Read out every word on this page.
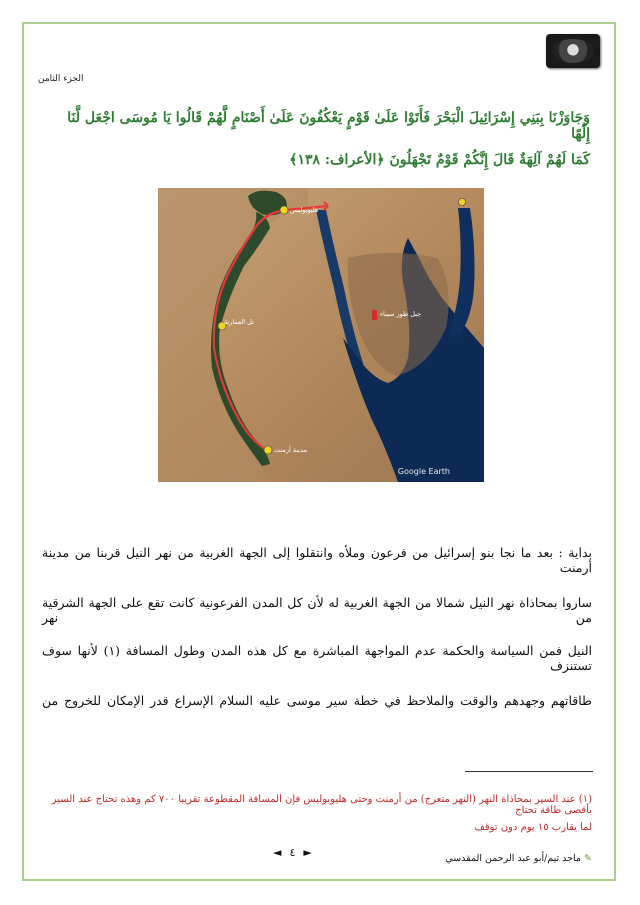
الجزء الثامن
وَجَاوَزْنَا بِبَنِي إِسْرَائِيلَ الْبَحْرَ فَأَتَوْا عَلَىٰ قَوْمٍ يَعْكُفُونَ عَلَىٰ أَصْنَامٍ لَّهُمْ قَالُوا يَا مُوسَى اجْعَل لَّنَا إِلَٰهًا
كَمَا لَهُمْ آلِهَةٌ قَالَ إِنَّكُمْ قَوْمٌ تَجْهَلُونَ ﴿الأعراف: ١٣٨﴾
هليوبوليس
تل العمارنة
مدينة أرمنت
جبل طور سيناء
Google Earth
بداية : بعد ما نجا بنو إسرائيل من فرعون وملأه وانتقلوا إلى الجهة الغربية من نهر النيل قربنا من مدينة أرمنت
ساروا بمحاذاة نهر النيل شمالا من الجهة الغربية له لأن كل المدن الفرعونية كانت تقع على الجهة الشرقية من نهر
النيل فمن السياسة والحكمة عدم المواجهة المباشرة مع كل هذه المدن وطول المسافة (١) لأنها سوف تستنزف
طاقاتهم وجهدهم والوقت والملاحظ في خطة سير موسى عليه السلام الإسراع قدر الإمكان للخروج من
(١) عند السير بمحاذاة النهر (النهر متعرج) من أرمنت وحتى هليوبوليس فإن المسافة المقطوعة تقريبا ٧٠٠ كم وهذه تحتاج عند السير بأقصى طاقة تحتاج
لما يقارب ١٥ يوم دون توقف
◄ ٤ ►	✎ماجد تيم/أبو عبد الرحمن المقدسي
